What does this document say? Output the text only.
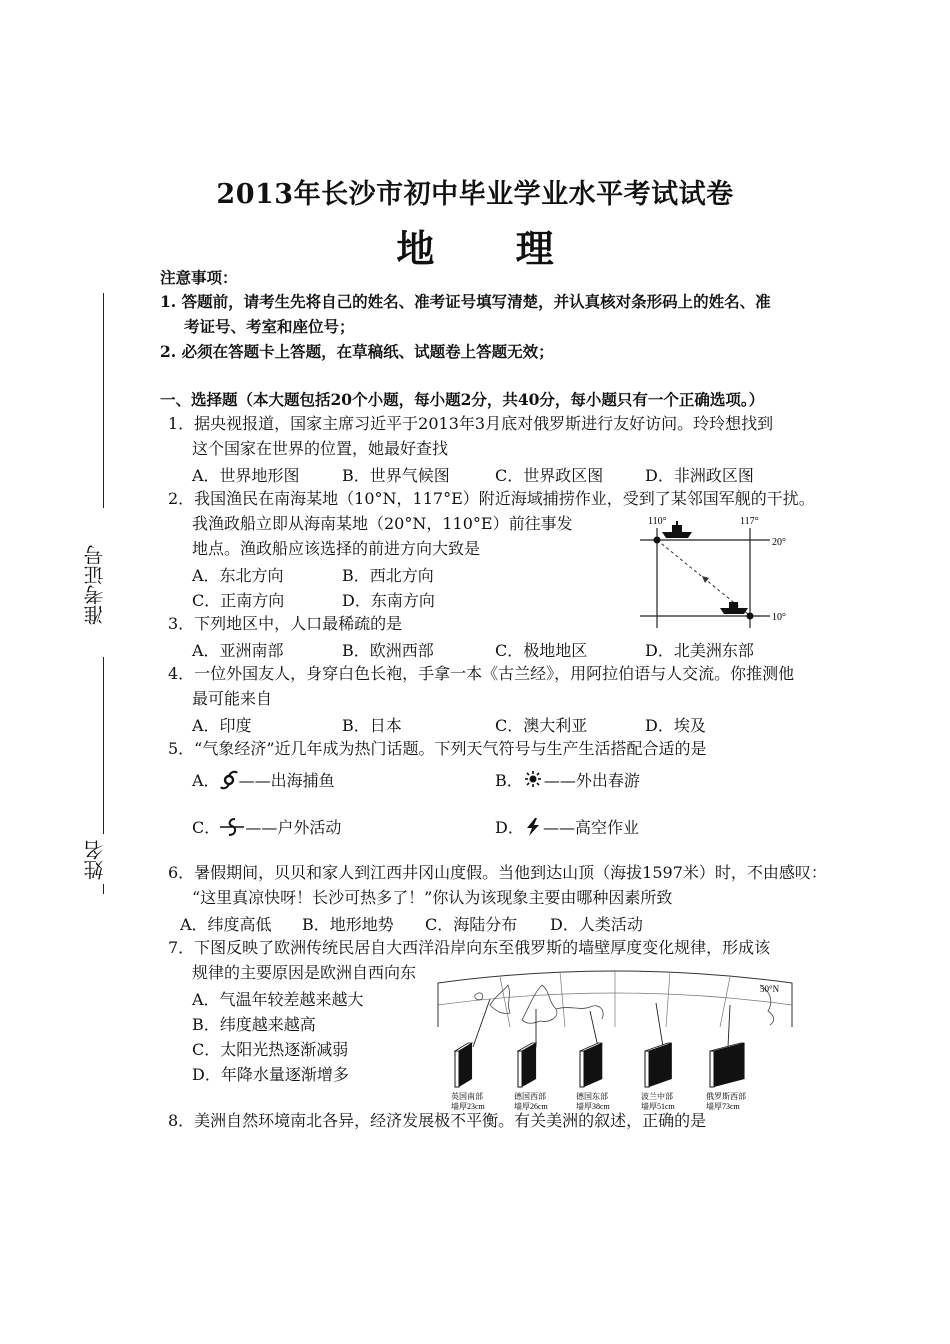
2013年长沙市初中毕业学业水平考试试卷
地 理
准考证号
姓名
注意事项：
1. 答题前，请考生先将自己的姓名、准考证号填写清楚，并认真核对条形码上的姓名、准
考证号、考室和座位号；
2. 必须在答题卡上答题，在草稿纸、试题卷上答题无效；
一、选择题（本大题包括20个小题，每小题2分，共40分，每小题只有一个正确选项。）
1．据央视报道，国家主席习近平于2013年3月底对俄罗斯进行友好访问。玲玲想找到
这个国家在世界的位置，她最好查找
A．世界地形图	B．世界气候图	C．世界政区图	D．非洲政区图
2．我国渔民在南海某地（10°N，117°E）附近海域捕捞作业，受到了某邻国军舰的干扰。
我渔政船立即从海南某地（20°N，110°E）前往事发
地点。渔政船应该选择的前进方向大致是
A．东北方向	B．西北方向
C．正南方向	D．东南方向
110°	117°
20°
10°
3．下列地区中，人口最稀疏的是
A．亚洲南部	B．欧洲西部	C．极地地区	D．北美洲东部
4．一位外国友人，身穿白色长袍，手拿一本《古兰经》，用阿拉伯语与人交流。你推测他
最可能来自
A．印度	B．日本	C．澳大利亚	D．埃及
5．“气象经济”近几年成为热门话题。下列天气符号与生产生活搭配合适的是
A． ——出海捕鱼	B． ——外出春游
C． ——户外活动	D． ——高空作业
6．暑假期间，贝贝和家人到江西井冈山度假。当他到达山顶（海拔1597米）时，不由感叹：
“这里真凉快呀！长沙可热多了！”你认为该现象主要由哪种因素所致
A．纬度高低 B．地形地势 C．海陆分布 D．人类活动
7．下图反映了欧洲传统民居自大西洋沿岸向东至俄罗斯的墙壁厚度变化规律，形成该
规律的主要原因是欧洲自西向东
A．气温年较差越来越大
B．纬度越来越高
C．太阳光热逐渐减弱
D．年降水量逐渐增多
50°N
英国南部
墙厚23cm
德国西部
墙厚26cm
德国东部
墙厚38cm
波兰中部
墙厚51cm
俄罗斯西部
墙厚73cm
8．美洲自然环境南北各异，经济发展极不平衡。有关美洲的叙述，正确的是
